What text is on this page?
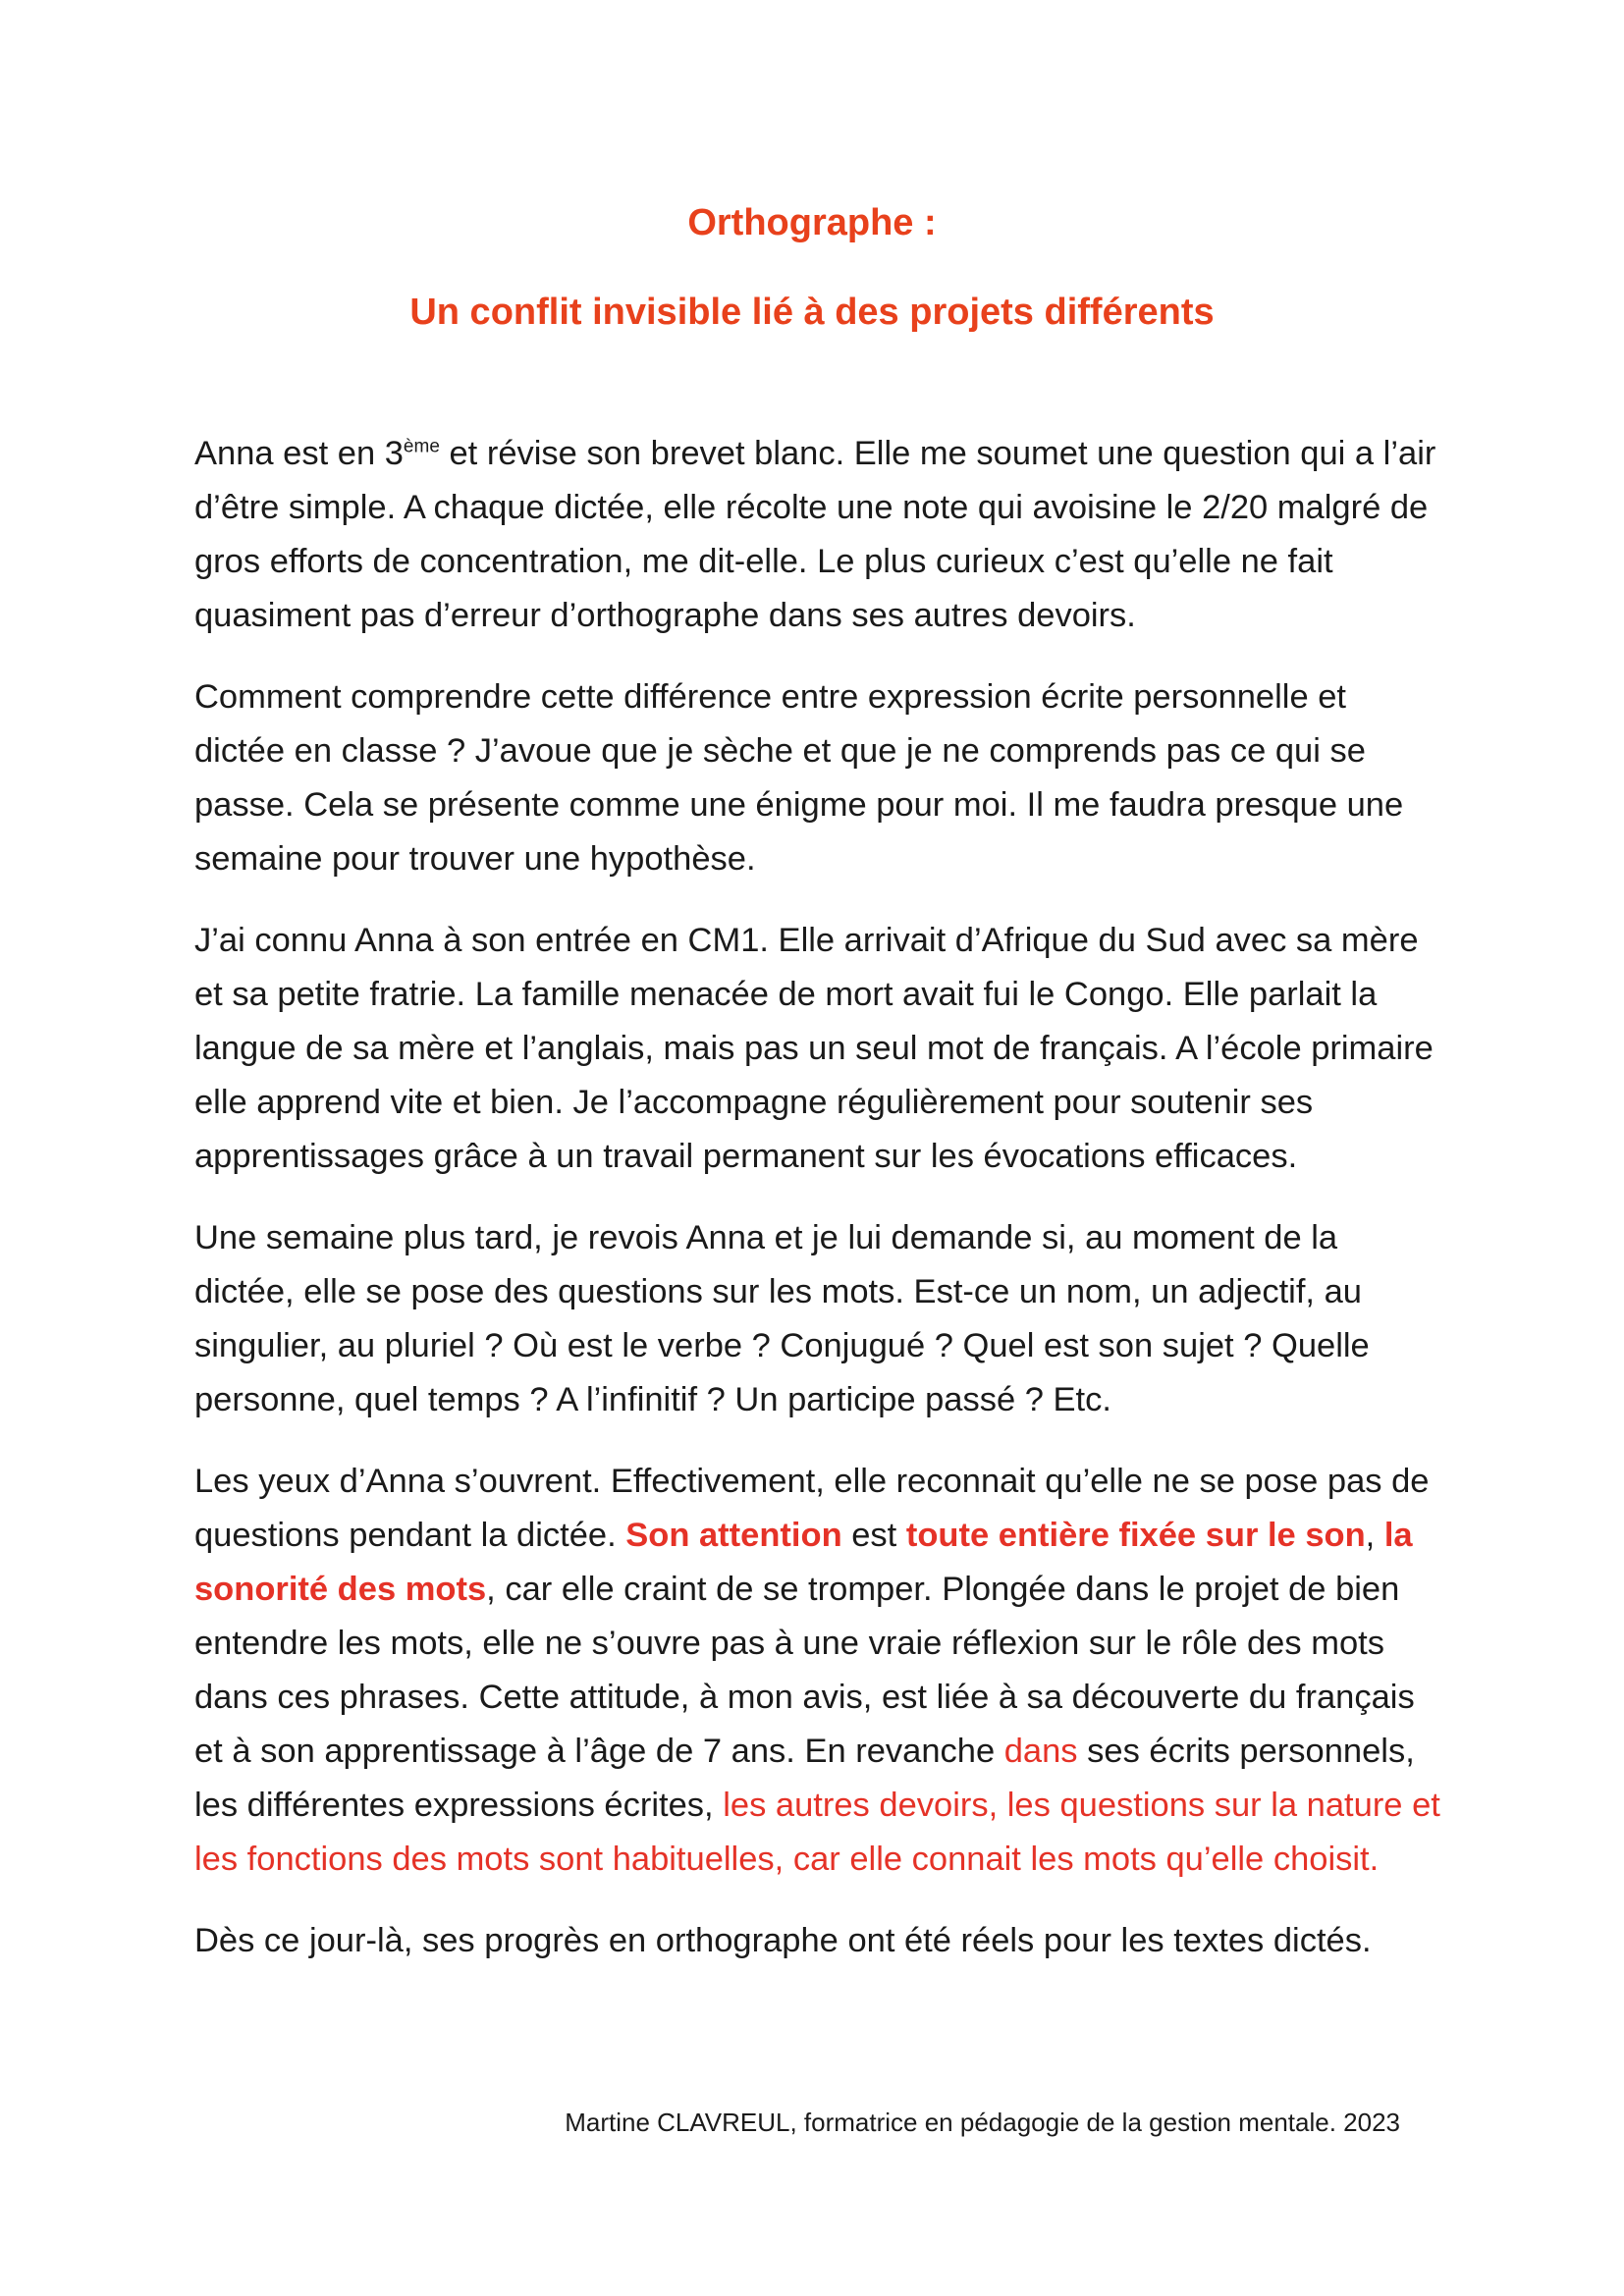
Orthographe :
Un conflit invisible lié à des projets différents

Anna est en 3ème et révise son brevet blanc. Elle me soumet une question qui a l’air d’être simple. A chaque dictée, elle récolte une note qui avoisine le 2/20 malgré de gros efforts de concentration, me dit-elle. Le plus curieux c’est qu’elle ne fait quasiment pas d’erreur d’orthographe dans ses autres devoirs.

Comment comprendre cette différence entre expression écrite personnelle et dictée en classe ? J’avoue que je sèche et que je ne comprends pas ce qui se passe. Cela se présente comme une énigme pour moi. Il me faudra presque une semaine pour trouver une hypothèse.

J’ai connu Anna à son entrée en CM1. Elle arrivait d’Afrique du Sud avec sa mère et sa petite fratrie. La famille menacée de mort avait fui le Congo. Elle parlait la langue de sa mère et l’anglais, mais pas un seul mot de français. A l’école primaire elle apprend vite et bien. Je l’accompagne régulièrement pour soutenir ses apprentissages grâce à un travail permanent sur les évocations efficaces.

Une semaine plus tard, je revois Anna et je lui demande si, au moment de la dictée, elle se pose des questions sur les mots. Est-ce un nom, un adjectif, au singulier, au pluriel ? Où est le verbe ? Conjugué ? Quel est son sujet ? Quelle personne, quel temps ? A l’infinitif ? Un participe passé ? Etc.

Les yeux d’Anna s’ouvrent. Effectivement, elle reconnait qu’elle ne se pose pas de questions pendant la dictée. Son attention est toute entière fixée sur le son, la sonorité des mots, car elle craint de se tromper. Plongée dans le projet de bien entendre les mots, elle ne s’ouvre pas à une vraie réflexion sur le rôle des mots dans ces phrases. Cette attitude, à mon avis, est liée à sa découverte du français et à son apprentissage à l’âge de 7 ans. En revanche dans ses écrits personnels, les différentes expressions écrites, les autres devoirs, les questions sur la nature et les fonctions des mots sont habituelles, car elle connait les mots qu’elle choisit.

Dès ce jour-là, ses progrès en orthographe ont été réels pour les textes dictés.

Martine CLAVREUL, formatrice en pédagogie de la gestion mentale. 2023
